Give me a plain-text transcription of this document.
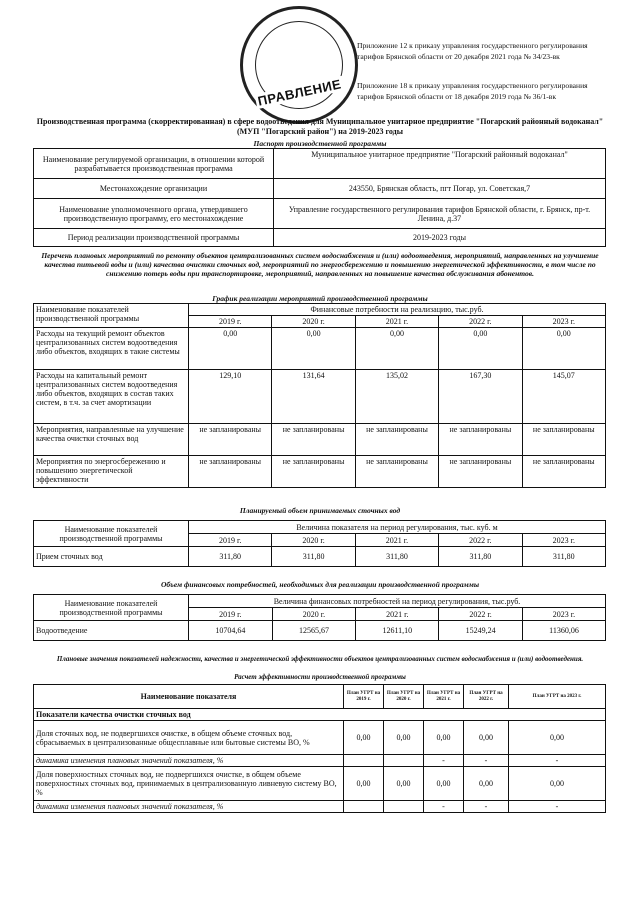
ПРАВЛЕНИЕ
Приложение 12 к приказу управления государственного регулирования тарифов Брянской области от 20 декабря 2021 года № 34/23-вк
Приложение 18 к приказу управления государственного регулирования тарифов Брянской области от 18 декабря 2019 года № 36/1-вк
Производственная программа (скорректированная) в сфере водоотведения для Муниципальное унитарное предприятие "Погарский районный водоканал" (МУП "Погарский район") на 2019-2023 годы
Паспорт производственной программы
Наименование регулируемой организации, в отношении которой разрабатывается производственная программа	Муниципальное унитарное предприятие "Погарский районный водоканал"
Местонахождение организации	243550, Брянская область, пгт Погар, ул. Советская,7
Наименование уполномоченного органа, утвердившего производственную программу, его местонахождение	Управление государственного регулирования тарифов Брянской области, г. Брянск, пр-т. Ленина, д.37
Период реализации производственной программы	2019-2023 годы
Перечень плановых мероприятий по ремонту объектов централизованных систем водоснабжения и (или) водоотведения, мероприятий, направленных на улучшение качества питьевой воды и (или) качества очистки сточных вод, мероприятий по энергосбережению и повышению энергетической эффективности, в том числе по снижению потерь воды при транспортировке, мероприятий, направленных на повышение качества обслуживания абонентов.
График реализации мероприятий производственной программы
Наименование показателей производственной программы	Финансовые потребности на реализацию, тыс.руб.				
	2019 г.	2020 г.	2021 г.	2022 г.	2023 г.
Расходы на текущий ремонт объектов централизованных систем водоотведения либо объектов, входящих в такие системы	0,00	0,00	0,00	0,00	0,00
Расходы на капитальный ремонт централизованных систем водоотведения либо объектов, входящих в состав таких систем, в т.ч. за счет амортизации	129,10	131,64	135,02	167,30	145,07
Мероприятия, направленные на улучшение качества очистки сточных вод	не запланированы	не запланированы	не запланированы	не запланированы	не запланированы
Мероприятия по энергосбережению и повышению энергетической эффективности	не запланированы	не запланированы	не запланированы	не запланированы	не запланированы
Планируемый объем принимаемых сточных вод
Наименование показателей производственной программы	Величина показателя на период регулирования, тыс. куб. м				
	2019 г.	2020 г.	2021 г.	2022 г.	2023 г.
Прием сточных вод	311,80	311,80	311,80	311,80	311,80
Объем финансовых потребностей, необходимых для реализации производственной программы
Наименование показателей производственной программы	Величина финансовых потребностей на период регулирования, тыс.руб.				
	2019 г.	2020 г.	2021 г.	2022 г.	2023 г.
Водоотведение	10704,64	12565,67	12611,10	15249,24	11360,06
Плановые значения показателей надежности, качества и энергетической эффективности объектов централизованных систем водоснабжения и (или) водоотведения.
Расчет эффективности производственной программы
Наименование показателя	План УГРТ на 2019 г.	План УГРТ на 2020 г.	План УГРТ на 2021 г.	План УГРТ на 2022 г.	План УГРТ на 2023 г.
Показатели качества очистки сточных вод					
Доля сточных вод, не подвергшихся очистке, в общем объеме сточных вод, сбрасываемых в централизованные общесплавные или бытовые системы ВО, %	0,00	0,00	0,00	0,00	0,00
динамика изменения плановых значений показателя, %			-	-	-
Доля поверхностных сточных вод, не подвергшихся очистке, в общем объеме поверхностных сточных вод, принимаемых в централизованную ливневую систему ВО, %	0,00	0,00	0,00	0,00	0,00
динамика изменения плановых значений показателя, %			-	-	-
